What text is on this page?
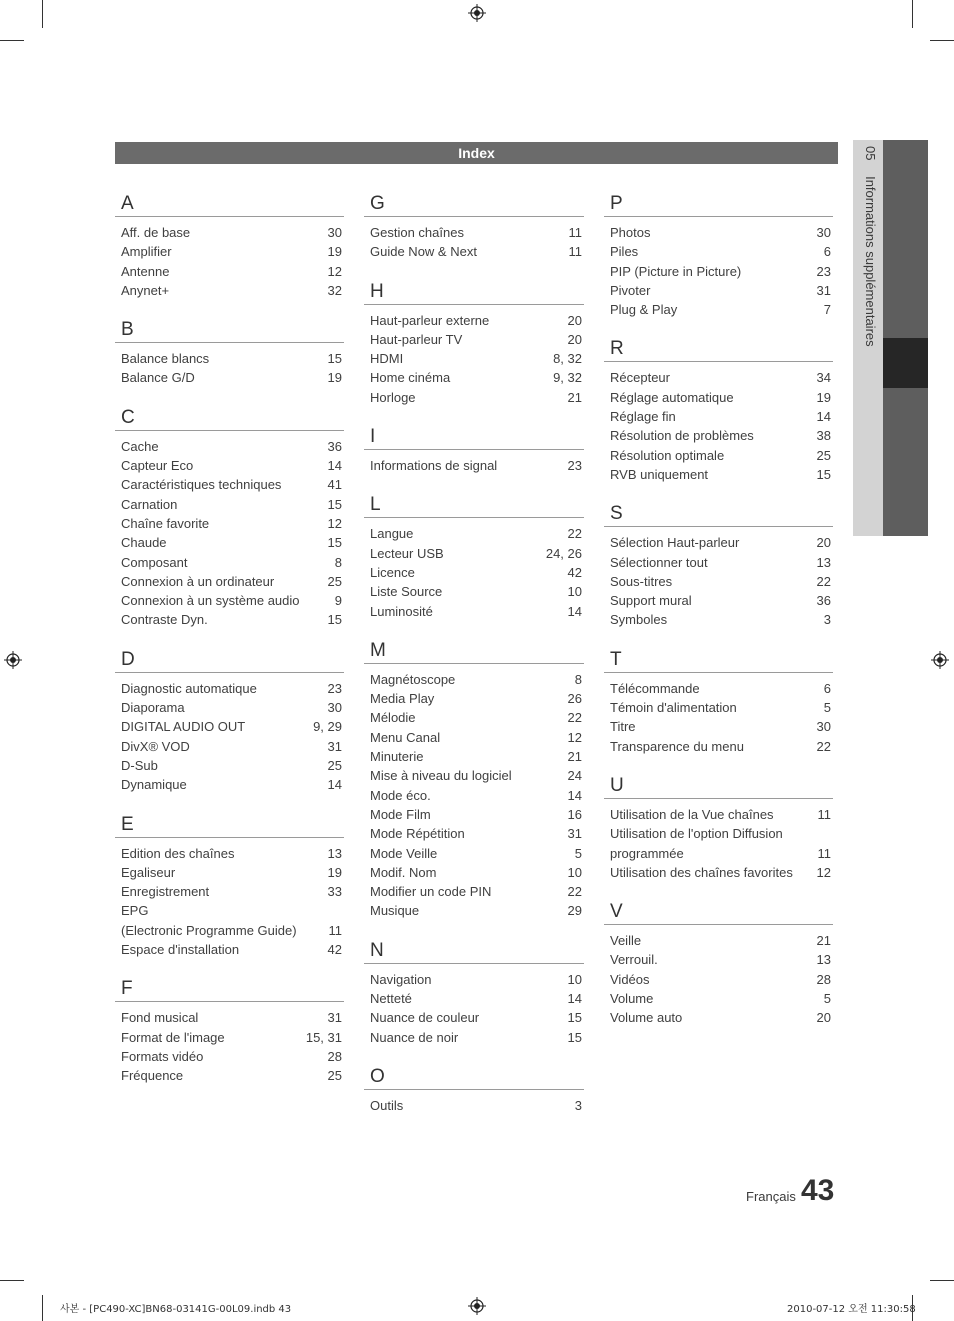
Index	05 Informations supplémentaires
A
Aff. de base	30
Amplifier	19
Antenne	12
Anynet+	32
B
Balance blancs	15
Balance G/D	19
C
Cache	36
Capteur Eco	14
Caractéristiques techniques	41
Carnation	15
Chaîne favorite	12
Chaude	15
Composant	8
Connexion à un ordinateur	25
Connexion à un système audio	9
Contraste Dyn.	15
D
Diagnostic automatique	23
Diaporama	30
DIGITAL AUDIO OUT	9, 29
DivX® VOD	31
D-Sub	25
Dynamique	14
E
Edition des chaînes	13
Egaliseur	19
Enregistrement	33
EPG
(Electronic Programme Guide)	11
Espace d'installation	42
F
Fond musical	31
Format de l'image	15, 31
Formats vidéo	28
Fréquence	25
G
Gestion chaînes	11
Guide Now & Next	11
H
Haut-parleur externe	20
Haut-parleur TV	20
HDMI	8, 32
Home cinéma	9, 32
Horloge	21
I
Informations de signal	23
L
Langue	22
Lecteur USB	24, 26
Licence	42
Liste Source	10
Luminosité	14
M
Magnétoscope	8
Media Play	26
Mélodie	22
Menu Canal	12
Minuterie	21
Mise à niveau du logiciel	24
Mode éco.	14
Mode Film	16
Mode Répétition	31
Mode Veille	5
Modif. Nom	10
Modifier un code PIN	22
Musique	29
N
Navigation	10
Netteté	14
Nuance de couleur	15
Nuance de noir	15
O
Outils	3
P
Photos	30
Piles	6
PIP (Picture in Picture)	23
Pivoter	31
Plug & Play	7
R
Récepteur	34
Réglage automatique	19
Réglage fin	14
Résolution de problèmes	38
Résolution optimale	25
RVB uniquement	15
S
Sélection Haut-parleur	20
Sélectionner tout	13
Sous-titres	22
Support mural	36
Symboles	3
T
Télécommande	6
Témoin d'alimentation	5
Titre	30
Transparence du menu	22
U
Utilisation de la Vue chaînes	11
Utilisation de l'option Diffusion
programmée	11
Utilisation des chaînes favorites	12
V
Veille	21
Verrouil.	13
Vidéos	28
Volume	5
Volume auto	20
Français 43
사본 - [PC490-XC]BN68-03141G-00L09.indb 43	2010-07-12 오전 11:30:58
